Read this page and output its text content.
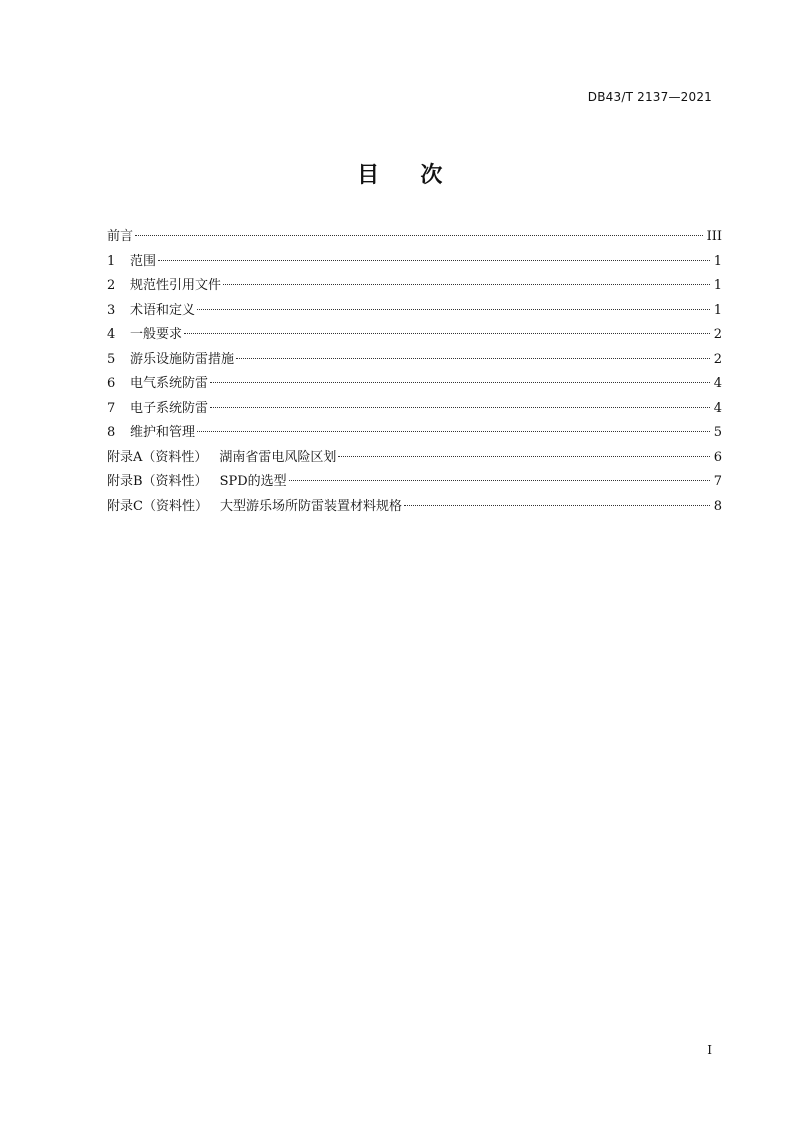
DB43/T 2137—2021
目     次
前言	III
1	范围	1
2	规范性引用文件	1
3	术语和定义	1
4	一般要求	2
5	游乐设施防雷措施	2
6	电气系统防雷	4
7	电子系统防雷	4
8	维护和管理	5
附录A（资料性） 湖南省雷电风险区划	6
附录B（资料性） SPD的选型	7
附录C（资料性） 大型游乐场所防雷装置材料规格	8
I
